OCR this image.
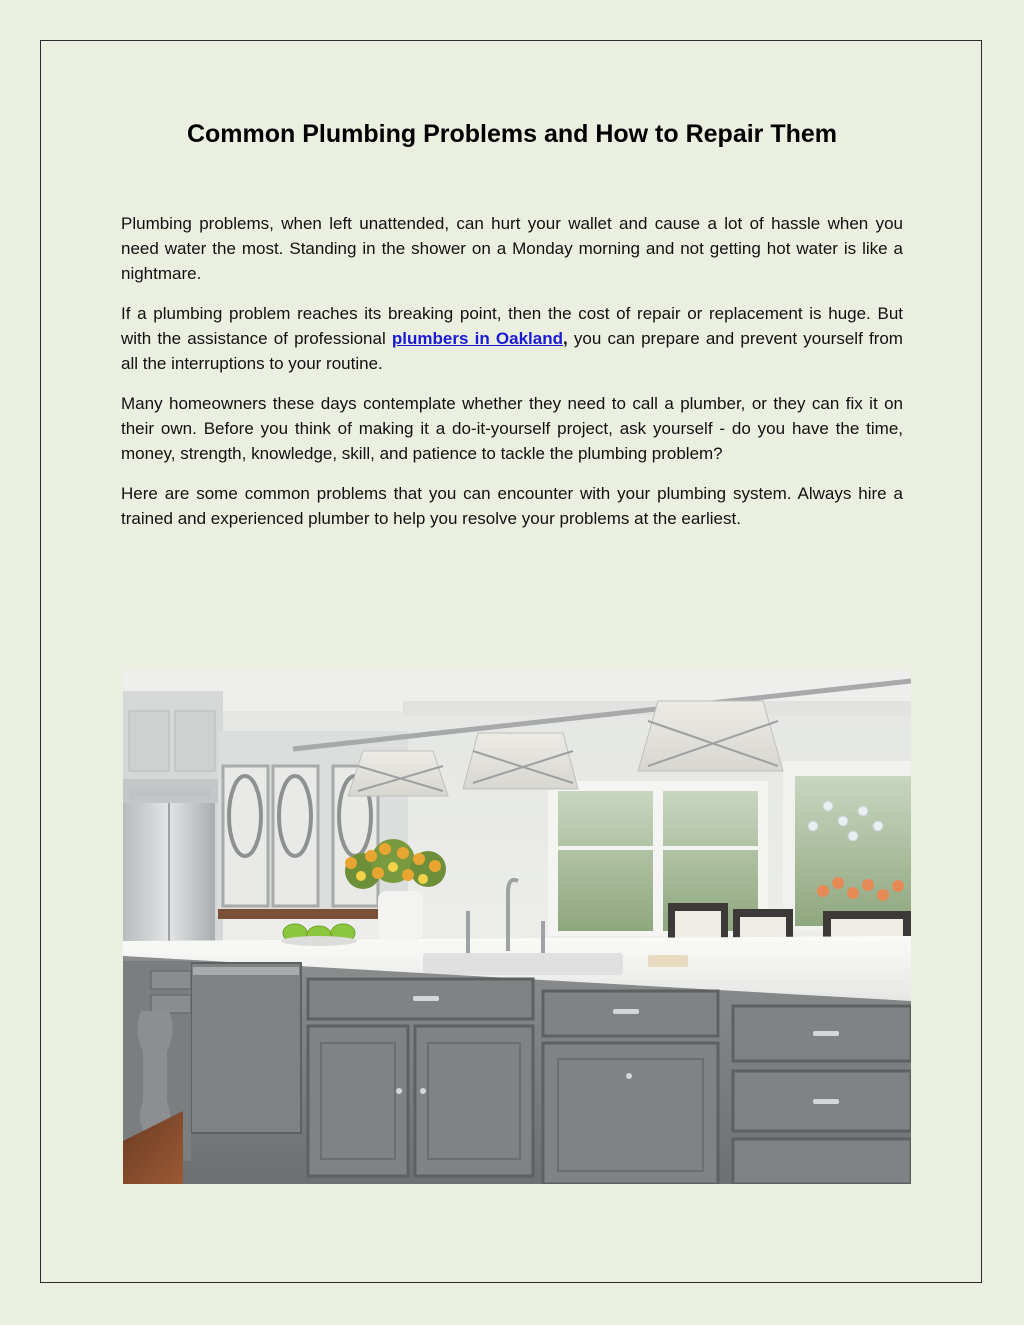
Common Plumbing Problems and How to Repair Them

Plumbing problems, when left unattended, can hurt your wallet and cause a lot of hassle when you need water the most. Standing in the shower on a Monday morning and not getting hot water is like a nightmare.

If a plumbing problem reaches its breaking point, then the cost of repair or replacement is huge. But with the assistance of professional plumbers in Oakland, you can prepare and prevent yourself from all the interruptions to your routine.

Many homeowners these days contemplate whether they need to call a plumber, or they can fix it on their own. Before you think of making it a do-it-yourself project, ask yourself - do you have the time, money, strength, knowledge, skill, and patience to tackle the plumbing problem?

Here are some common problems that you can encounter with your plumbing system. Always hire a trained and experienced plumber to help you resolve your problems at the earliest.
